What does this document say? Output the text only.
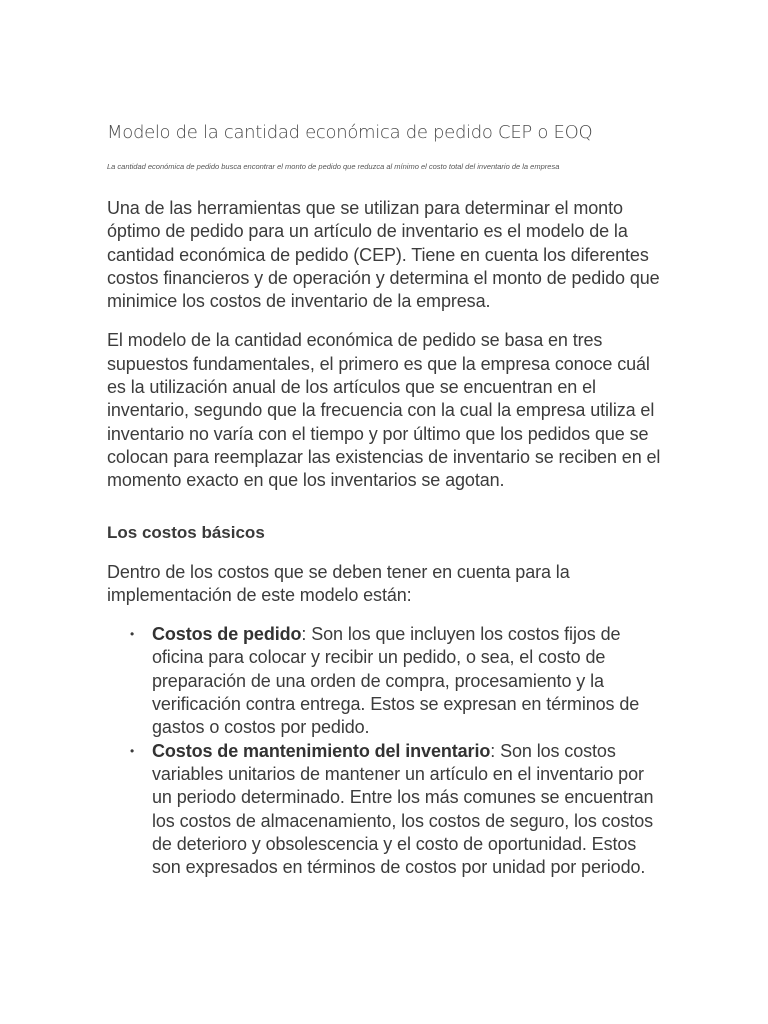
Modelo de la cantidad económica de pedido CEP o EOQ

La cantidad económica de pedido busca encontrar el monto de pedido que reduzca al mínimo el costo total del inventario de la empresa

Una de las herramientas que se utilizan para determinar el monto óptimo de pedido para un artículo de inventario es el modelo de la cantidad económica de pedido (CEP). Tiene en cuenta los diferentes costos financieros y de operación y determina el monto de pedido que minimice los costos de inventario de la empresa.

El modelo de la cantidad económica de pedido se basa en tres supuestos fundamentales, el primero es que la empresa conoce cuál es la utilización anual de los artículos que se encuentran en el inventario, segundo que la frecuencia con la cual la empresa utiliza el inventario no varía con el tiempo y por último que los pedidos que se colocan para reemplazar las existencias de inventario se reciben en el momento exacto en que los inventarios se agotan.

Los costos básicos

Dentro de los costos que se deben tener en cuenta para la implementación de este modelo están:

• Costos de pedido: Son los que incluyen los costos fijos de oficina para colocar y recibir un pedido, o sea, el costo de preparación de una orden de compra, procesamiento y la verificación contra entrega. Estos se expresan en términos de gastos o costos por pedido.
• Costos de mantenimiento del inventario: Son los costos variables unitarios de mantener un artículo en el inventario por un periodo determinado. Entre los más comunes se encuentran los costos de almacenamiento, los costos de seguro, los costos de deterioro y obsolescencia y el costo de oportunidad. Estos son expresados en términos de costos por unidad por periodo.
